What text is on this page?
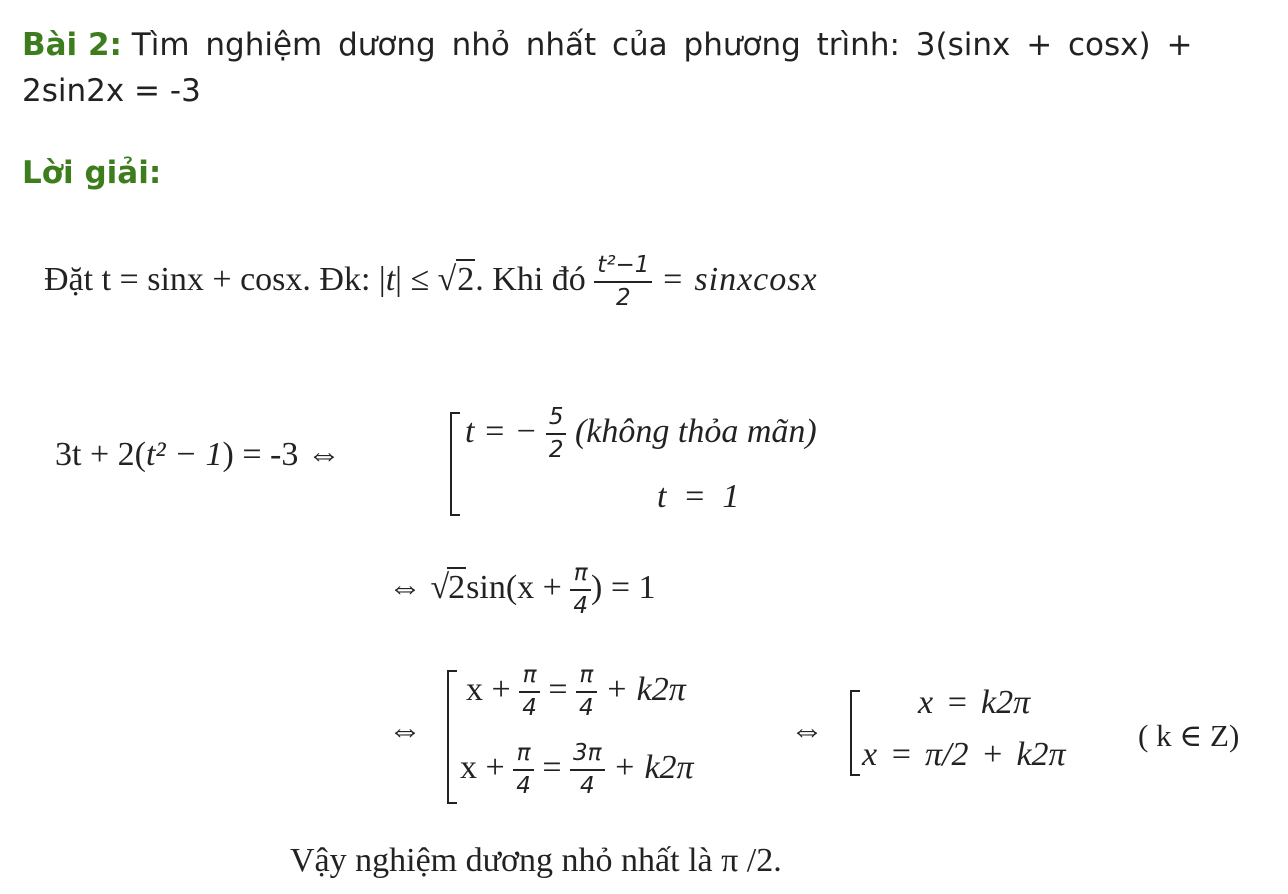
Bài 2: Tìm nghiệm dương nhỏ nhất của phương trình: 3(sinx + cosx) +
2sin2x = -3
Lời giải:
Đặt t = sinx + cosx. Đk: |t| ≤ √2. Khi đó $\frac{\text{t²−1}}{2}$ = sinxcosx
3t + 2(t² − 1) = -3 ⇔
t = − $\frac{5}{2}$ (không thỏa mãn)
t = 1
⇔ $√2\sin(x + \frac{\pi}{4}$ ) = 1
⇔
$x + \frac{\pi}{4} = \frac{\pi}{4} + k2\pi$
$x + \frac{\pi}{4} = \frac{3\pi}{4} + k2\pi$
⇔
x = k2π
x = π/2 + k2π
( k ∈ Z)
Vậy nghiệm dương nhỏ nhất là π /2.
